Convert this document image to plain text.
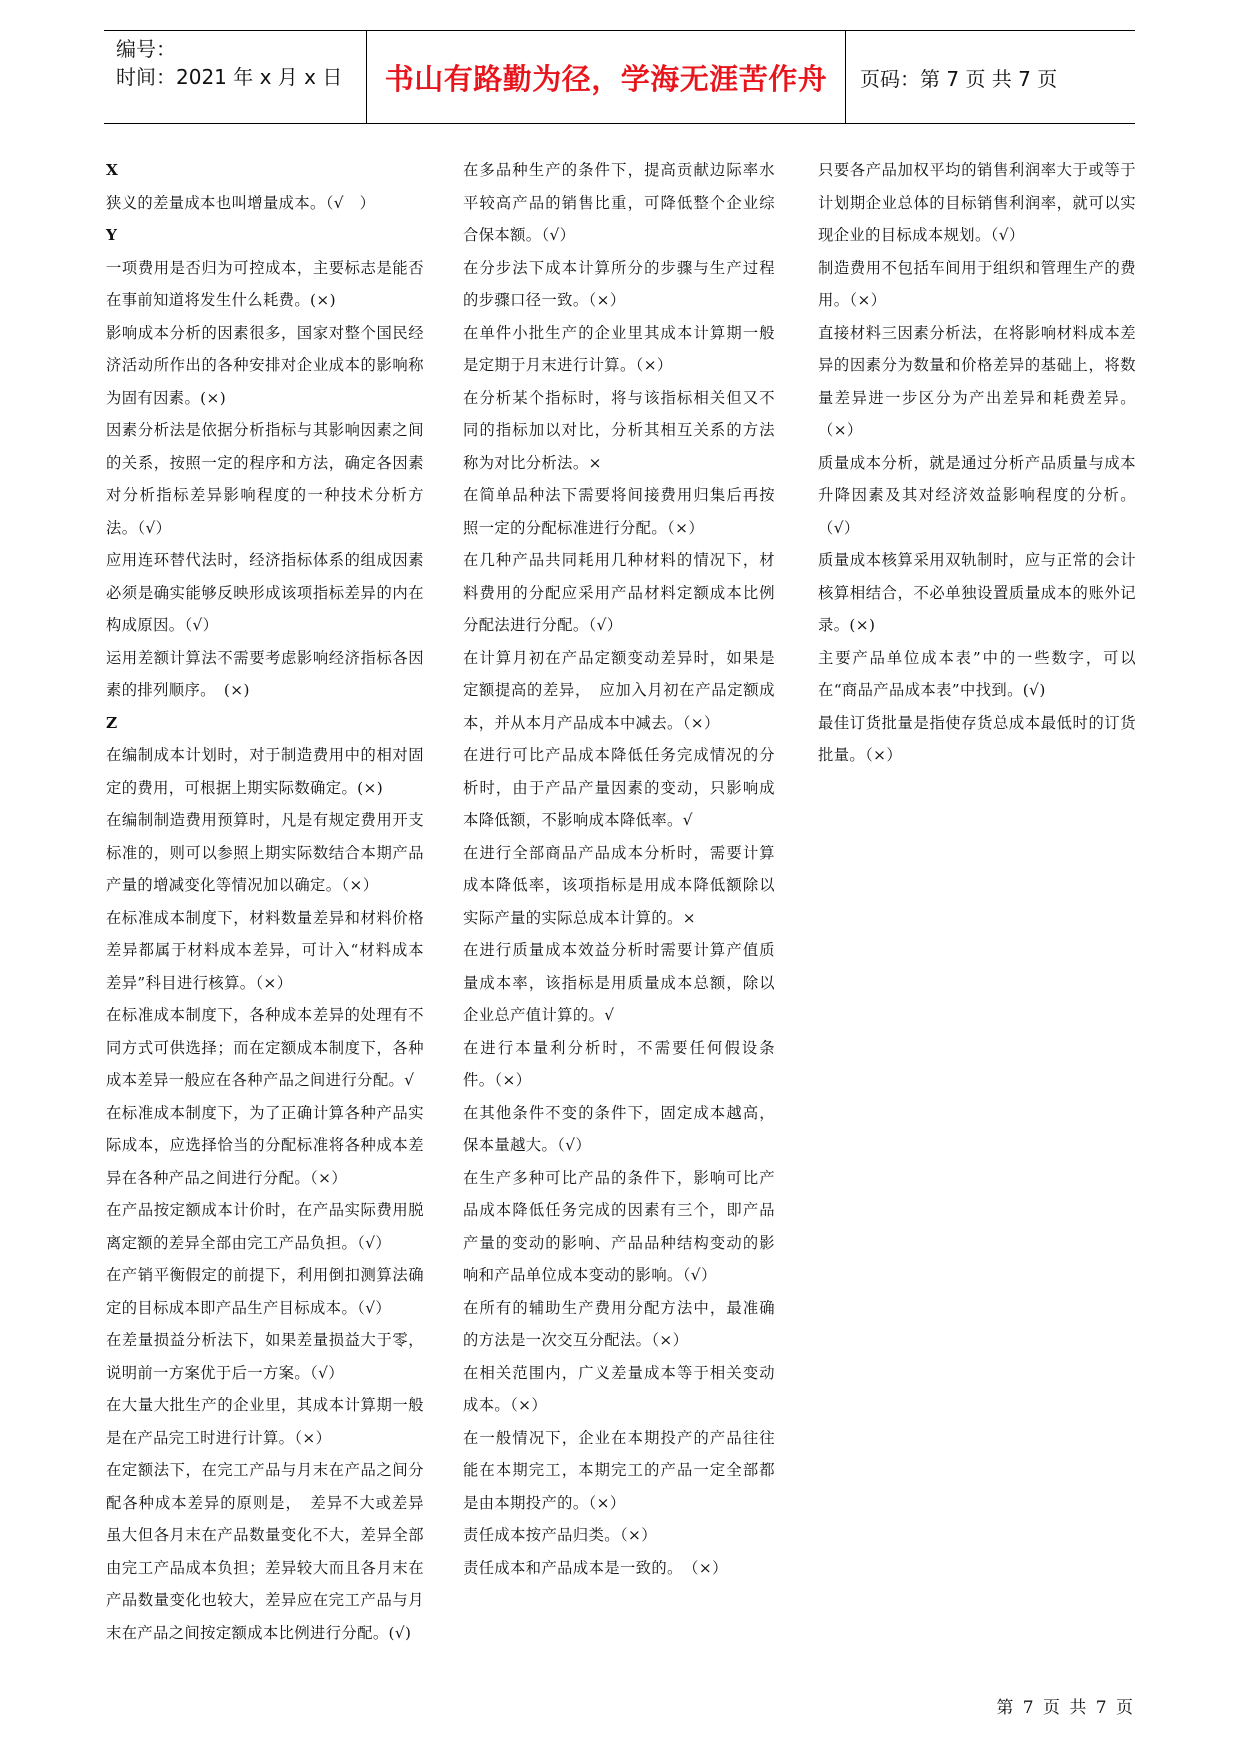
编号：
时间：2021 年 x 月 x 日	书山有路勤为径，学海无涯苦作舟 页码：第 7 页 共 7 页

X

狭义的差量成本也叫增量成本。（√　）

Y

一项费用是否归为可控成本，主要标志是能否在事前知道将发生什么耗费。(×)

影响成本分析的因素很多，国家对整个国民经济活动所作出的各种安排对企业成本的影响称为固有因素。(×)

因素分析法是依据分析指标与其影响因素之间的关系，按照一定的程序和方法，确定各因素对分析指标差异影响程度的一种技术分析方法。（√）

应用连环替代法时，经济指标体系的组成因素必须是确实能够反映形成该项指标差异的内在构成原因。（√）

运用差额计算法不需要考虑影响经济指标各因素的排列顺序。　(×)

Z

在编制成本计划时，对于制造费用中的相对固定的费用，可根据上期实际数确定。(×)

在编制制造费用预算时，凡是有规定费用开支标准的，则可以参照上期实际数结合本期产品产量的增减变化等情况加以确定。（×）

在标准成本制度下，材料数量差异和材料价格差异都属于材料成本差异，可计入“材料成本差异”科目进行核算。（×）

在标准成本制度下，各种成本差异的处理有不同方式可供选择；而在定额成本制度下，各种成本差异一般应在各种产品之间进行分配。√

在标准成本制度下，为了正确计算各种产品实际成本，应选择恰当的分配标准将各种成本差异在各种产品之间进行分配。（×）

在产品按定额成本计价时，在产品实际费用脱离定额的差异全部由完工产品负担。（√）

在产销平衡假定的前提下，利用倒扣测算法确定的目标成本即产品生产目标成本。（√）

在差量损益分析法下，如果差量损益大于零，说明前一方案优于后一方案。（√）

在大量大批生产的企业里，其成本计算期一般是在产品完工时进行计算。（×）

在定额法下，在完工产品与月末在产品之间分配各种成本差异的原则是，　差异不大或差异虽大但各月末在产品数量变化不大，差异全部由完工产品成本负担；差异较大而且各月末在产品数量变化也较大，差异应在完工产品与月末在产品之间按定额成本比例进行分配。(√)

在多品种生产的条件下，提高贡献边际率水平较高产品的销售比重，可降低整个企业综合保本额。（√）

在分步法下成本计算所分的步骤与生产过程的步骤口径一致。（×）

在单件小批生产的企业里其成本计算期一般是定期于月末进行计算。（×）

在分析某个指标时，将与该指标相关但又不同的指标加以对比，分析其相互关系的方法称为对比分析法。×

在简单品种法下需要将间接费用归集后再按照一定的分配标准进行分配。（×）

在几种产品共同耗用几种材料的情况下，材料费用的分配应采用产品材料定额成本比例分配法进行分配。（√）

在计算月初在产品定额变动差异时，如果是定额提高的差异，　应加入月初在产品定额成本，并从本月产品成本中减去。（×）

在进行可比产品成本降低任务完成情况的分析时，由于产品产量因素的变动，只影响成本降低额，不影响成本降低率。√

在进行全部商品产品成本分析时，需要计算成本降低率，该项指标是用成本降低额除以实际产量的实际总成本计算的。×

在进行质量成本效益分析时需要计算产值质量成本率，该指标是用质量成本总额，除以企业总产值计算的。√

在进行本量利分析时，不需要任何假设条件。（×）

在其他条件不变的条件下，固定成本越高，保本量越大。（√）

在生产多种可比产品的条件下，影响可比产品成本降低任务完成的因素有三个，即产品产量的变动的影响、产品品种结构变动的影响和产品单位成本变动的影响。（√）

在所有的辅助生产费用分配方法中，最准确的方法是一次交互分配法。（×）

在相关范围内，广义差量成本等于相关变动成本。（×）

在一般情况下，企业在本期投产的产品往往能在本期完工，本期完工的产品一定全部都是由本期投产的。（×）

责任成本按产品归类。（×）

责任成本和产品成本是一致的。　（×）

只要各产品加权平均的销售利润率大于或等于计划期企业总体的目标销售利润率，就可以实现企业的目标成本规划。（√）

制造费用不包括车间用于组织和管理生产的费用。（×）

直接材料三因素分析法，在将影响材料成本差异的因素分为数量和价格差异的基础上，将数量差异进一步区分为产出差异和耗费差异。（×）

质量成本分析，就是通过分析产品质量与成本升降因素及其对经济效益影响程度的分析。（√）

质量成本核算采用双轨制时，应与正常的会计核算相结合，不必单独设置质量成本的账外记录。(×)

主要产品单位成本表”中的一些数字，可以在“商品产品成本表”中找到。(√)

最佳订货批量是指使存货总成本最低时的订货批量。（×）

第 7 页 共 7 页
